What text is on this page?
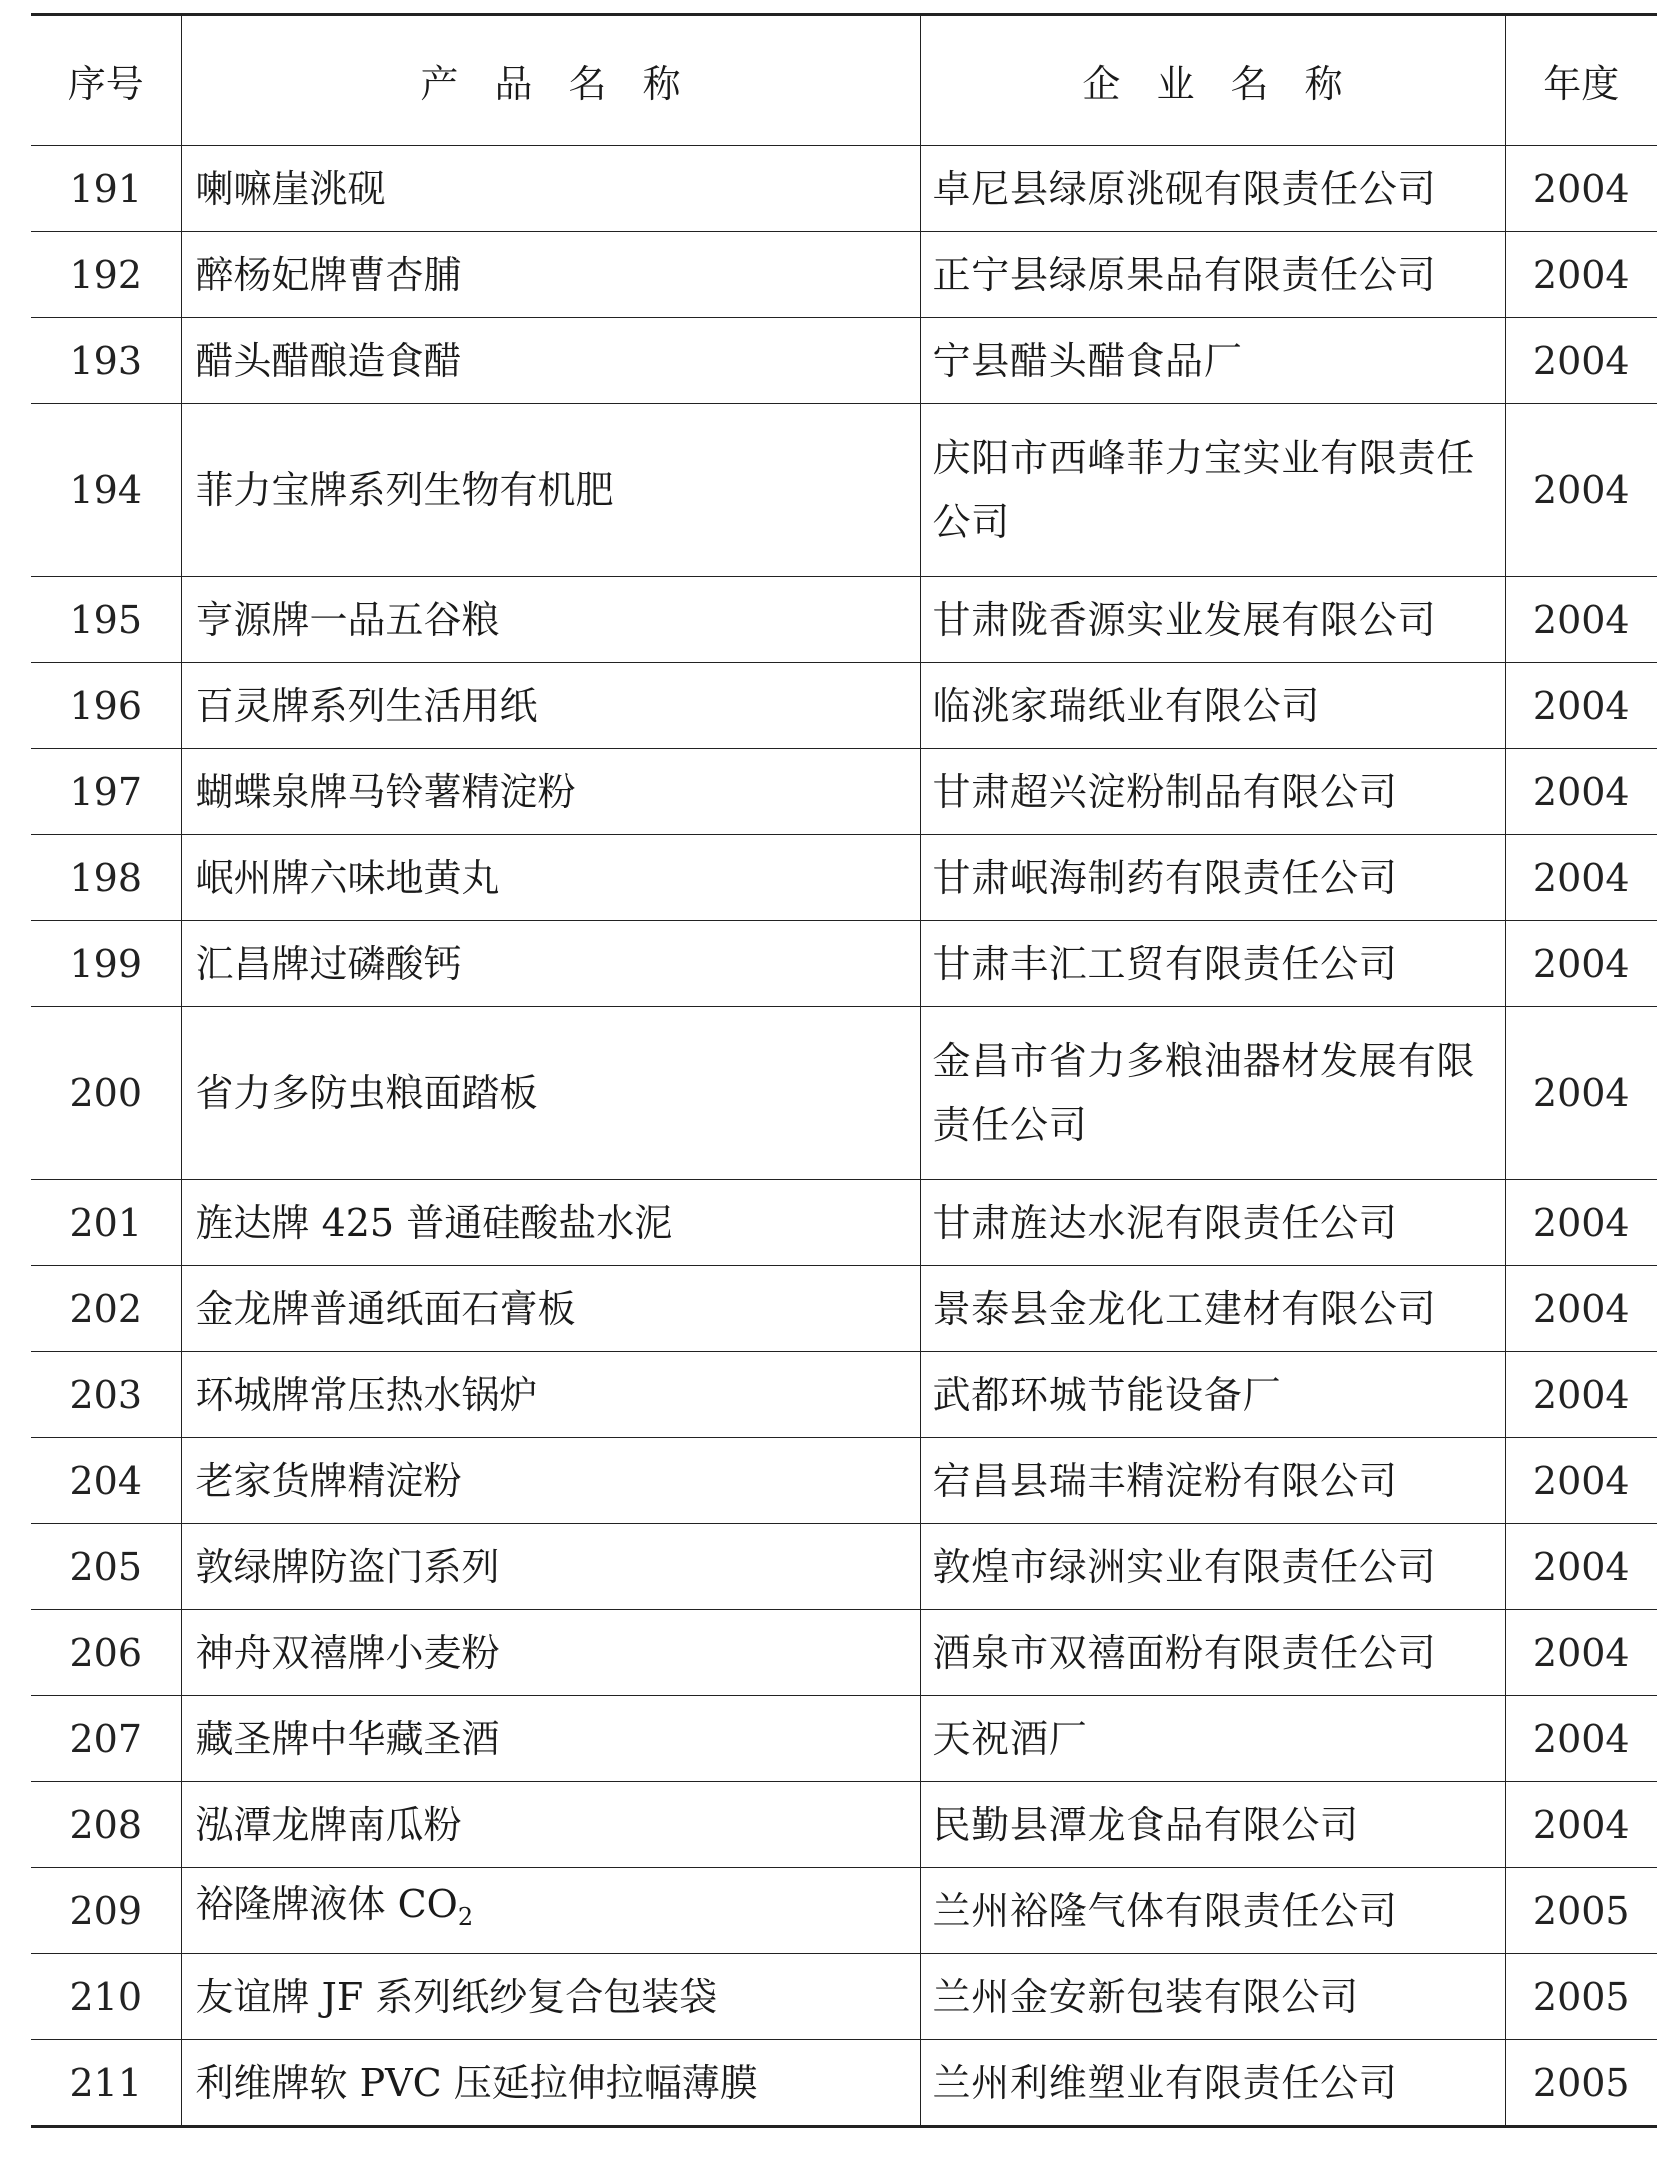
序号	产品名称	企业名称	年度
191	喇嘛崖洮砚	卓尼县绿原洮砚有限责任公司	2004
192	醉杨妃牌曹杏脯	正宁县绿原果品有限责任公司	2004
193	醋头醋酿造食醋	宁县醋头醋食品厂	2004
194	菲力宝牌系列生物有机肥	庆阳市西峰菲力宝实业有限责任公司	2004
195	亨源牌一品五谷粮	甘肃陇香源实业发展有限公司	2004
196	百灵牌系列生活用纸	临洮家瑞纸业有限公司	2004
197	蝴蝶泉牌马铃薯精淀粉	甘肃超兴淀粉制品有限公司	2004
198	岷州牌六味地黄丸	甘肃岷海制药有限责任公司	2004
199	汇昌牌过磷酸钙	甘肃丰汇工贸有限责任公司	2004
200	省力多防虫粮面踏板	金昌市省力多粮油器材发展有限责任公司	2004
201	旌达牌 425 普通硅酸盐水泥	甘肃旌达水泥有限责任公司	2004
202	金龙牌普通纸面石膏板	景泰县金龙化工建材有限公司	2004
203	环城牌常压热水锅炉	武都环城节能设备厂	2004
204	老家货牌精淀粉	宕昌县瑞丰精淀粉有限公司	2004
205	敦绿牌防盗门系列	敦煌市绿洲实业有限责任公司	2004
206	神舟双禧牌小麦粉	酒泉市双禧面粉有限责任公司	2004
207	藏圣牌中华藏圣酒	天祝酒厂	2004
208	泓潭龙牌南瓜粉	民勤县潭龙食品有限公司	2004
209	裕隆牌液体 $CO_2$	兰州裕隆气体有限责任公司	2005
210	友谊牌 JF 系列纸纱复合包装袋	兰州金安新包装有限公司	2005
211	利维牌软 PVC 压延拉伸拉幅薄膜	兰州利维塑业有限责任公司	2005
